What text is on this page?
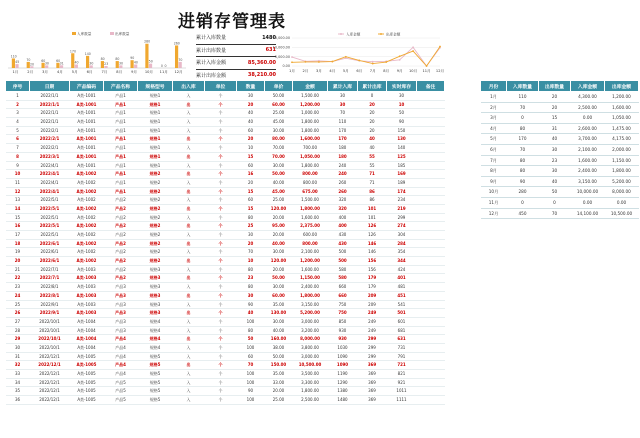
进销存管理表
入库数量	出库数量
110
45
1月
70
20
2月
60
30
3月
60
31
4月
170
40
5月
140
30
6月
80
23
7月
80
30
8月
90
40
9月
280
50
10月
0 0
11月
260
70
12月
累计入库数量	1480
累计出库数量	631
累计入库金额	85,360.00
累计出库金额	38,210.00
0.00
5,000.00
10,000.00
15,000.00
入库金额	出库金额
1月 2月 3月 4月 5月 6月 7月 8月 9月 10月 11月 12月
序号	日期	产品编码	产品名称	规格型号	出入库	单位	数量	单价	金额	累计入库	累计出库	实时库存	备注
1	2022/1/1	A类-1001	产品1	规格1	入	个	30	50.00	1,500.00	30	0	30	
2	2022/1/1	A类-1001	产品1	规格1	出	个	20	60.00	1,200.00	30	20	10	
3	2022/1/1	A类-1001	产品1	规格1	入	个	40	25.00	1,000.00	70	20	50	
4	2022/1/1	A类-1001	产品1	规格1	入	个	40	45.00	1,800.00	110	20	90	
5	2022/2/1	A类-1001	产品1	规格1	入	个	60	30.00	1,800.00	170	20	150	
6	2022/2/1	A类-1001	产品1	规格1	出	个	20	80.00	1,600.00	170	40	130	
7	2022/2/1	A类-1001	产品1	规格1	入	个	10	70.00	700.00	180	40	140	
8	2022/3/1	A类-1001	产品1	规格1	出	个	15	70.00	1,050.00	180	55	125	
9	2022/4/1	A类-1001	产品1	规格1	入	个	60	30.00	1,800.00	240	55	185	
10	2022/4/1	A类-1002	产品1	规格2	出	个	16	50.00	800.00	240	71	169	
11	2022/4/1	A类-1002	产品1	规格2	入	个	20	40.00	800.00	260	71	189	
12	2022/4/1	A类-1002	产品1	规格2	出	个	15	45.00	675.00	260	86	174	
13	2022/5/1	A类-1002	产品2	规格2	入	个	60	25.00	1,500.00	320	86	234	
14	2022/5/1	A类-1002	产品2	规格2	出	个	15	120.00	1,800.00	320	101	219	
15	2022/5/1	A类-1002	产品2	规格2	入	个	80	20.00	1,600.00	400	101	299	
16	2022/5/1	A类-1002	产品2	规格2	出	个	25	95.00	2,375.00	400	126	274	
17	2022/5/1	A类-1002	产品2	规格2	入	个	30	20.00	600.00	430	126	304	
18	2022/6/1	A类-1002	产品2	规格2	出	个	20	40.00	800.00	430	146	284	
19	2022/6/1	A类-1002	产品2	规格2	入	个	70	30.00	2,100.00	500	146	354	
20	2022/6/1	A类-1002	产品2	规格2	出	个	10	120.00	1,200.00	500	156	344	
21	2022/7/1	A类-1003	产品2	规格3	入	个	80	20.00	1,600.00	580	156	424	
22	2022/7/1	A类-1003	产品2	规格3	出	个	23	50.00	1,150.00	580	179	401	
23	2022/8/1	A类-1003	产品3	规格3	入	个	80	30.00	2,400.00	660	179	481	
24	2022/8/1	A类-1003	产品3	规格3	出	个	30	60.00	1,800.00	660	209	451	
25	2022/9/1	A类-1003	产品3	规格3	入	个	90	35.00	3,150.00	750	209	541	
26	2022/9/1	A类-1003	产品3	规格3	出	个	40	130.00	5,200.00	750	249	501	
27	2022/10/1	A类-1004	产品3	规格4	入	个	100	30.00	3,000.00	850	249	601	
28	2022/10/1	A类-1004	产品3	规格4	入	个	80	40.00	3,200.00	930	249	681	
29	2022/10/1	A类-1004	产品4	规格4	出	个	50	160.00	8,000.00	930	299	631	
30	2022/10/1	A类-1004	产品4	规格4	入	个	100	38.00	3,800.00	1030	299	731	
31	2022/12/1	A类-1005	产品4	规格5	入	个	60	50.00	3,000.00	1090	299	791	
32	2022/12/1	A类-1005	产品4	规格5	出	个	70	150.00	10,500.00	1090	369	721	
33	2022/12/1	A类-1005	产品4	规格5	入	个	100	35.00	3,500.00	1190	369	821	
34	2022/12/1	A类-1005	产品5	规格5	入	个	100	33.00	3,300.00	1290	369	921	
35	2022/12/1	A类-1005	产品5	规格5	入	个	90	20.00	1,800.00	1380	369	1011	
36	2022/12/1	A类-1005	产品5	规格5	入	个	100	25.00	2,500.00	1480	369	1111	
月份	入库数量	出库数量	入库金额	出库金额
1月	110	20	4,300.00	1,200.00
2月	70	20	2,500.00	1,600.00
3月	0	15	0.00	1,050.00
4月	80	31	2,600.00	1,475.00
5月	170	40	3,700.00	4,175.00
6月	70	30	2,100.00	2,000.00
7月	80	23	1,600.00	1,150.00
8月	80	30	2,400.00	1,800.00
9月	90	40	3,150.00	5,200.00
10月	280	50	10,000.00	8,000.00
11月	0	0	0.00	0.00
12月	450	70	14,100.00	10,500.00
